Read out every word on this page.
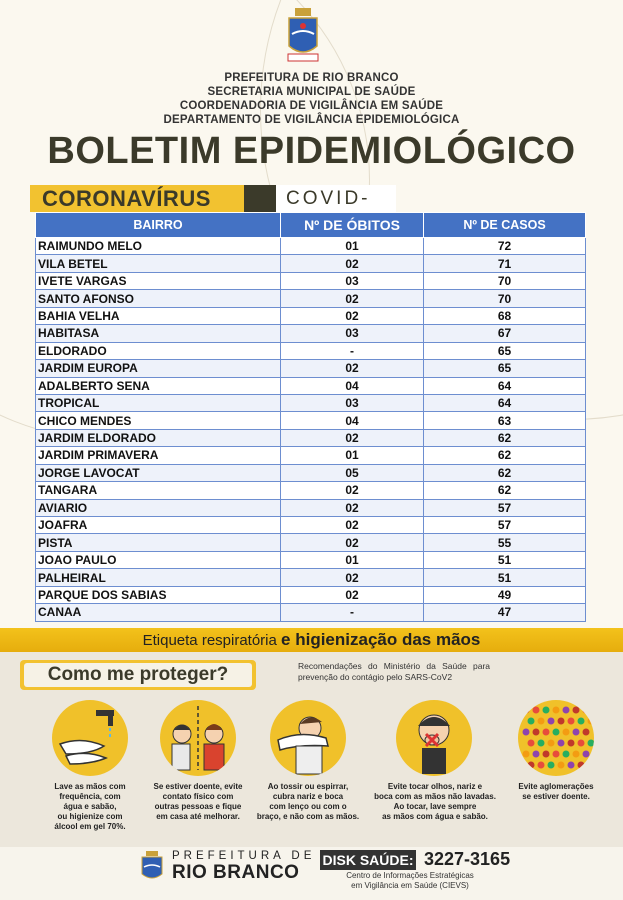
PREFEITURA DE RIO BRANCO
SECRETARIA MUNICIPAL DE SAÚDE
COORDENADORIA DE VIGILÂNCIA EM SAÚDE
DEPARTAMENTO DE VIGILÂNCIA EPIDEMIOLÓGICA
BOLETIM EPIDEMIOLÓGICO
CORONAVÍRUS	COVID-
BAIRRO	Nº DE ÓBITOS	Nº DE CASOS
RAIMUNDO MELO	01	72
VILA BETEL	02	71
IVETE VARGAS	03	70
SANTO AFONSO	02	70
BAHIA VELHA	02	68
HABITASA	03	67
ELDORADO	-	65
JARDIM EUROPA	02	65
ADALBERTO SENA	04	64
TROPICAL	03	64
CHICO MENDES	04	63
JARDIM ELDORADO	02	62
JARDIM PRIMAVERA	01	62
JORGE LAVOCAT	05	62
TANGARA	02	62
AVIARIO	02	57
JOAFRA	02	57
PISTA	02	55
JOAO PAULO	01	51
PALHEIRAL	02	51
PARQUE DOS SABIAS	02	49
CANAA	-	47
Etiqueta respiratória e higienização das mãos
Como me proteger?	Recomendações do Ministério da Saúde para prevenção do contágio pelo SARS-CoV2
Lave as mãos com
frequência, com
água e sabão,
ou higienize com
álcool em gel 70%.
Se estiver doente, evite
contato físico com
outras pessoas e fique
em casa até melhorar.
Ao tossir ou espirrar,
cubra nariz e boca
com lenço ou com o
braço, e não com as mãos.
Evite tocar olhos, nariz e
boca com as mãos não lavadas.
Ao tocar, lave sempre
as mãos com água e sabão.
Evite aglomerações
se estiver doente.
PREFEITURA DE
RIO BRANCO
DISK SAÚDE: 3227-3165
Centro de Informações Estratégicas
em Vigilância em Saúde (CIEVS)
